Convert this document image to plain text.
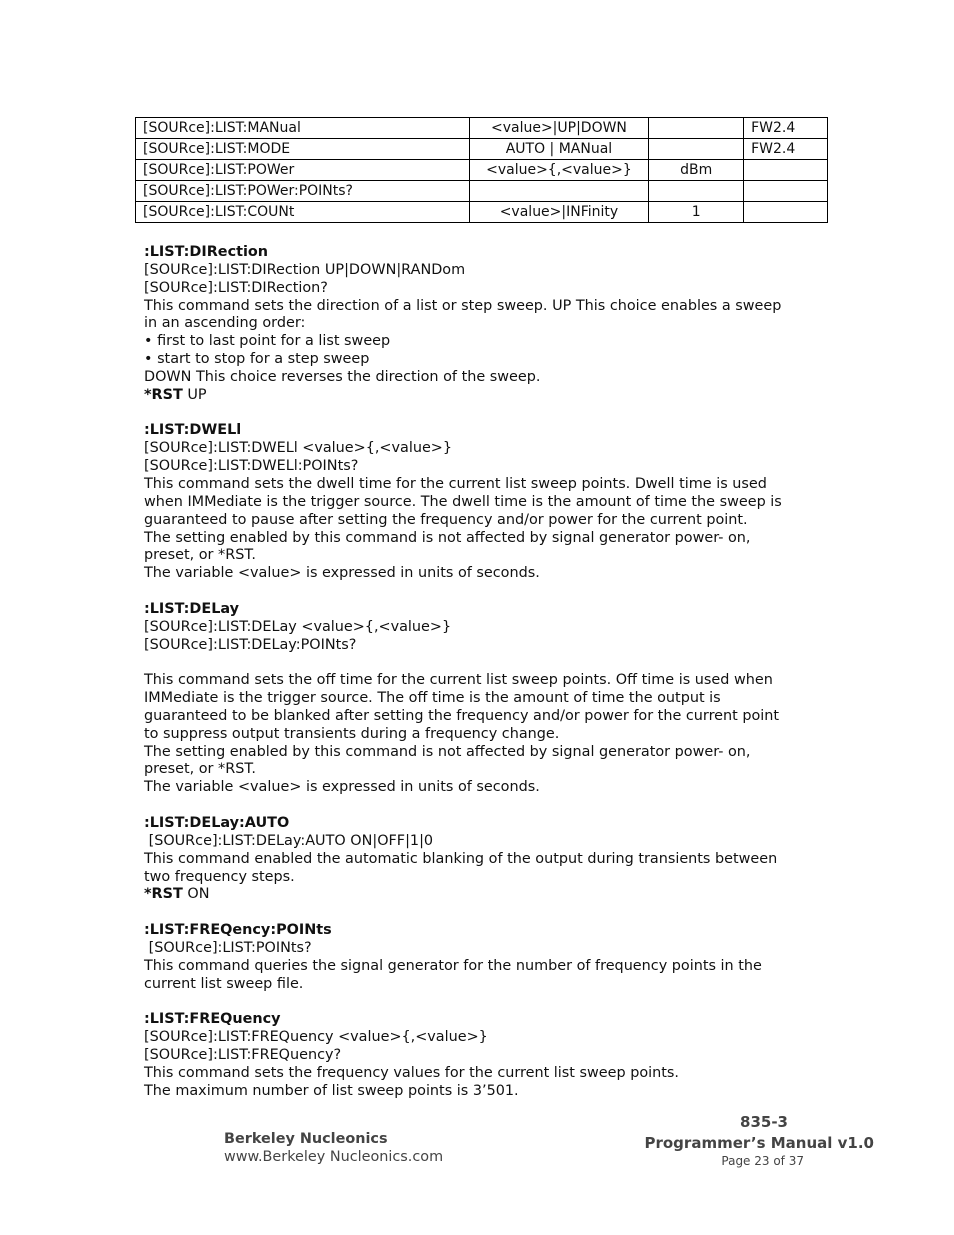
[SOURce]:LIST:MANual	<value>|UP|DOWN		FW2.4
[SOURce]:LIST:MODE	AUTO | MANual		FW2.4
[SOURce]:LIST:POWer	<value>{,<value>}	dBm	
[SOURce]:LIST:POWer:POINts?			
[SOURce]:LIST:COUNt	<value>|INFinity	1	

:LIST:DIRection

[SOURce]:LIST:DIRection UP|DOWN|RANDom

[SOURce]:LIST:DIRection?

This command sets the direction of a list or step sweep. UP This choice enables a sweep

in an ascending order:

• first to last point for a list sweep

• start to stop for a step sweep

DOWN This choice reverses the direction of the sweep.

*RST UP

:LIST:DWELl

[SOURce]:LIST:DWELl <value>{,<value>}

[SOURce]:LIST:DWELl:POINts?

This command sets the dwell time for the current list sweep points. Dwell time is used

when IMMediate is the trigger source. The dwell time is the amount of time the sweep is

guaranteed to pause after setting the frequency and/or power for the current point.

The setting enabled by this command is not affected by signal generator power- on,

preset, or *RST.

The variable <value> is expressed in units of seconds.

:LIST:DELay

[SOURce]:LIST:DELay <value>{,<value>}

[SOURce]:LIST:DELay:POINts?

This command sets the off time for the current list sweep points. Off time is used when

IMMediate is the trigger source. The off time is the amount of time the output is

guaranteed to be blanked after setting the frequency and/or power for the current point

to suppress output transients during a frequency change.

The setting enabled by this command is not affected by signal generator power- on,

preset, or *RST.

The variable <value> is expressed in units of seconds.

:LIST:DELay:AUTO

[SOURce]:LIST:DELay:AUTO ON|OFF|1|0

This command enabled the automatic blanking of the output during transients between

two frequency steps.

*RST ON

:LIST:FREQency:POINts

[SOURce]:LIST:POINts?

This command queries the signal generator for the number of frequency points in the

current list sweep file.

:LIST:FREQuency

[SOURce]:LIST:FREQuency <value>{,<value>}

[SOURce]:LIST:FREQuency?

This command sets the frequency values for the current list sweep points.

The maximum number of list sweep points is 3’501.

Berkeley Nucleonics
www.Berkeley Nucleonics.com
835-3
Programmer’s Manual v1.0
Page 23 of 37
